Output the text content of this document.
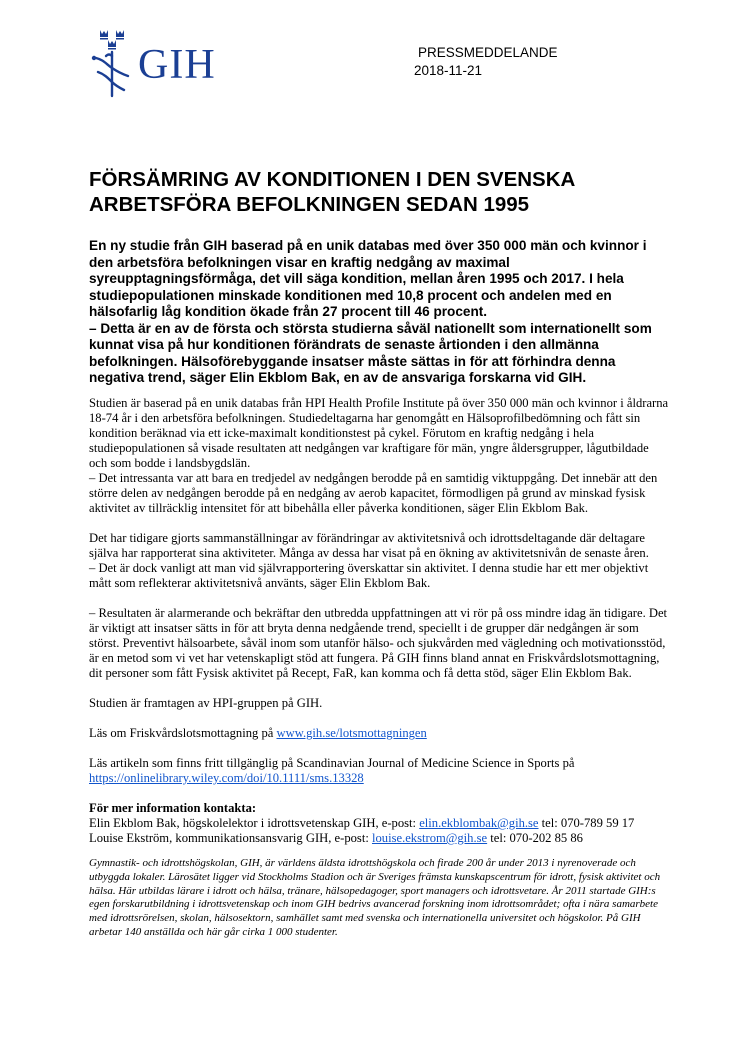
GIH	PRESSMEDDELANDE
2018-11-21
FÖRSÄMRING AV KONDITIONEN I DEN SVENSKA ARBETSFÖRA BEFOLKNINGEN SEDAN 1995

En ny studie från GIH baserad på en unik databas med över 350 000 män och kvinnor i den arbetsföra befolkningen visar en kraftig nedgång av maximal syreupptagningsförmåga, det vill säga kondition, mellan åren 1995 och 2017. I hela studiepopulationen minskade konditionen med 10,8 procent och andelen med en hälsofarlig låg kondition ökade från 27 procent till 46 procent.

– Detta är en av de första och största studierna såväl nationellt som internationellt som kunnat visa på hur konditionen förändrats de senaste årtionden i den allmänna befolkningen. Hälsoförebyggande insatser måste sättas in för att förhindra denna negativa trend, säger Elin Ekblom Bak, en av de ansvariga forskarna vid GIH.

Studien är baserad på en unik databas från HPI Health Profile Institute på över 350 000 män och kvinnor i åldrarna 18-74 år i den arbetsföra befolkningen. Studiedeltagarna har genomgått en Hälsoprofilbedömning och fått sin kondition beräknad via ett icke-maximalt konditionstest på cykel. Förutom en kraftig nedgång i hela studiepopulationen så visade resultaten att nedgången var kraftigare för män, yngre åldersgrupper, lågutbildade och som bodde i landsbygdslän.
– Det intressanta var att bara en tredjedel av nedgången berodde på en samtidig viktuppgång. Det innebär att den större delen av nedgången berodde på en nedgång av aerob kapacitet, förmodligen på grund av minskad fysisk aktivitet av tillräcklig intensitet för att bibehålla eller påverka konditionen, säger Elin Ekblom Bak.

Det har tidigare gjorts sammanställningar av förändringar av aktivitetsnivå och idrottsdeltagande där deltagare själva har rapporterat sina aktiviteter. Många av dessa har visat på en ökning av aktivitetsnivån de senaste åren.
– Det är dock vanligt att man vid självrapportering överskattar sin aktivitet. I denna studie har ett mer objektivt mått som reflekterar aktivitetsnivå använts, säger Elin Ekblom Bak.

– Resultaten är alarmerande och bekräftar den utbredda uppfattningen att vi rör på oss mindre idag än tidigare. Det är viktigt att insatser sätts in för att bryta denna nedgående trend, speciellt i de grupper där nedgången är som störst. Preventivt hälsoarbete, såväl inom som utanför hälso- och sjukvården med vägledning och motivationsstöd, är en metod som vi vet har vetenskapligt stöd att fungera. På GIH finns bland annat en Friskvårdslotsmottagning, dit personer som fått Fysisk aktivitet på Recept, FaR, kan komma och få detta stöd, säger Elin Ekblom Bak.

Studien är framtagen av HPI-gruppen på GIH.

Läs om Friskvårdslotsmottagning på www.gih.se/lotsmottagningen

Läs artikeln som finns fritt tillgänglig på Scandinavian Journal of Medicine Science in Sports på
https://onlinelibrary.wiley.com/doi/10.1111/sms.13328

För mer information kontakta:

Elin Ekblom Bak, högskolelektor i idrottsvetenskap GIH, e-post: elin.ekblombak@gih.se tel: 070-789 59 17

Louise Ekström, kommunikationsansvarig GIH, e-post: louise.ekstrom@gih.se tel: 070-202 85 86

Gymnastik- och idrottshögskolan, GIH, är världens äldsta idrottshögskola och firade 200 år under 2013 i nyrenoverade och utbyggda lokaler. Lärosätet ligger vid Stockholms Stadion och är Sveriges främsta kunskapscentrum för idrott, fysisk aktivitet och hälsa. Här utbildas lärare i idrott och hälsa, tränare, hälsopedagoger, sport managers och idrottsvetare. År 2011 startade GIH:s egen forskarutbildning i idrottsvetenskap och inom GIH bedrivs avancerad forskning inom idrottsområdet; ofta i nära samarbete med idrottsrörelsen, skolan, hälsosektorn, samhället samt med svenska och internationella universitet och högskolor. På GIH arbetar 140 anställda och här går cirka 1 000 studenter.
